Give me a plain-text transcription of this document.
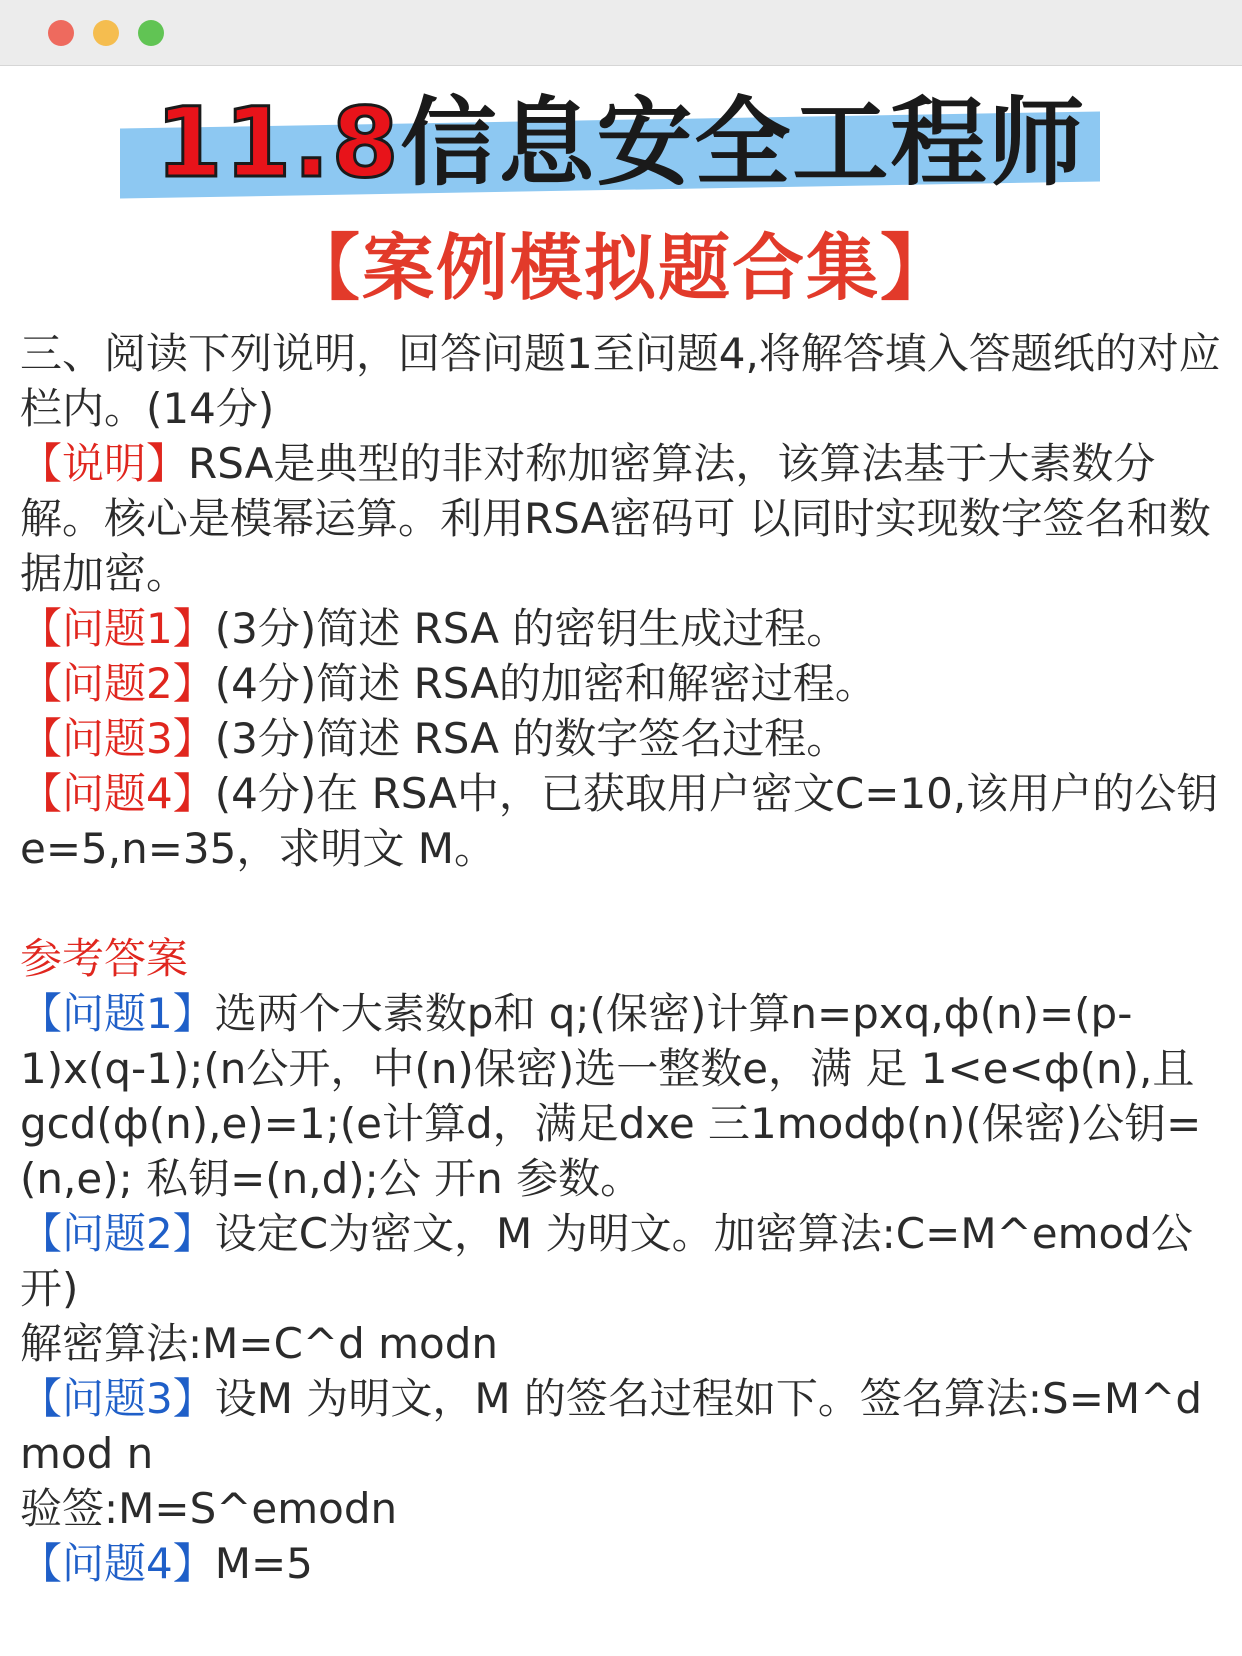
11.8信息安全工程师
【案例模拟题合集】

三、阅读下列说明，回答问题1至问题4,将解答填入答题纸的对应栏内。(14分)

【说明】RSA是典型的非对称加密算法，该算法基于大素数分解。核心是模幂运算。利用RSA密码可 以同时实现数字签名和数据加密。

【问题1】(3分)简述 RSA 的密钥生成过程。

【问题2】(4分)简述 RSA的加密和解密过程。

【问题3】(3分)简述 RSA 的数字签名过程。

【问题4】(4分)在 RSA中，已获取用户密文C=10,该用户的公钥e=5,n=35，求明文 M。

参考答案

【问题1】选两个大素数p和 q;(保密)计算n=pxq,ф(n)=(p-1)x(q-1);(n公开，中(n)保密)选一整数e，满 足 1<e<ф(n),且 gcd(ф(n),e)=1;(e计算d，满足dxe 三1modф(n)(保密)公钥=(n,e); 私钥=(n,d);公 开n 参数。

【问题2】设定C为密文，M 为明文。加密算法:C=M^emod公开)

解密算法:M=C^d modn

【问题3】设M 为明文，M 的签名过程如下。签名算法:S=M^d mod n

验签:M=S^emodn

【问题4】M=5
